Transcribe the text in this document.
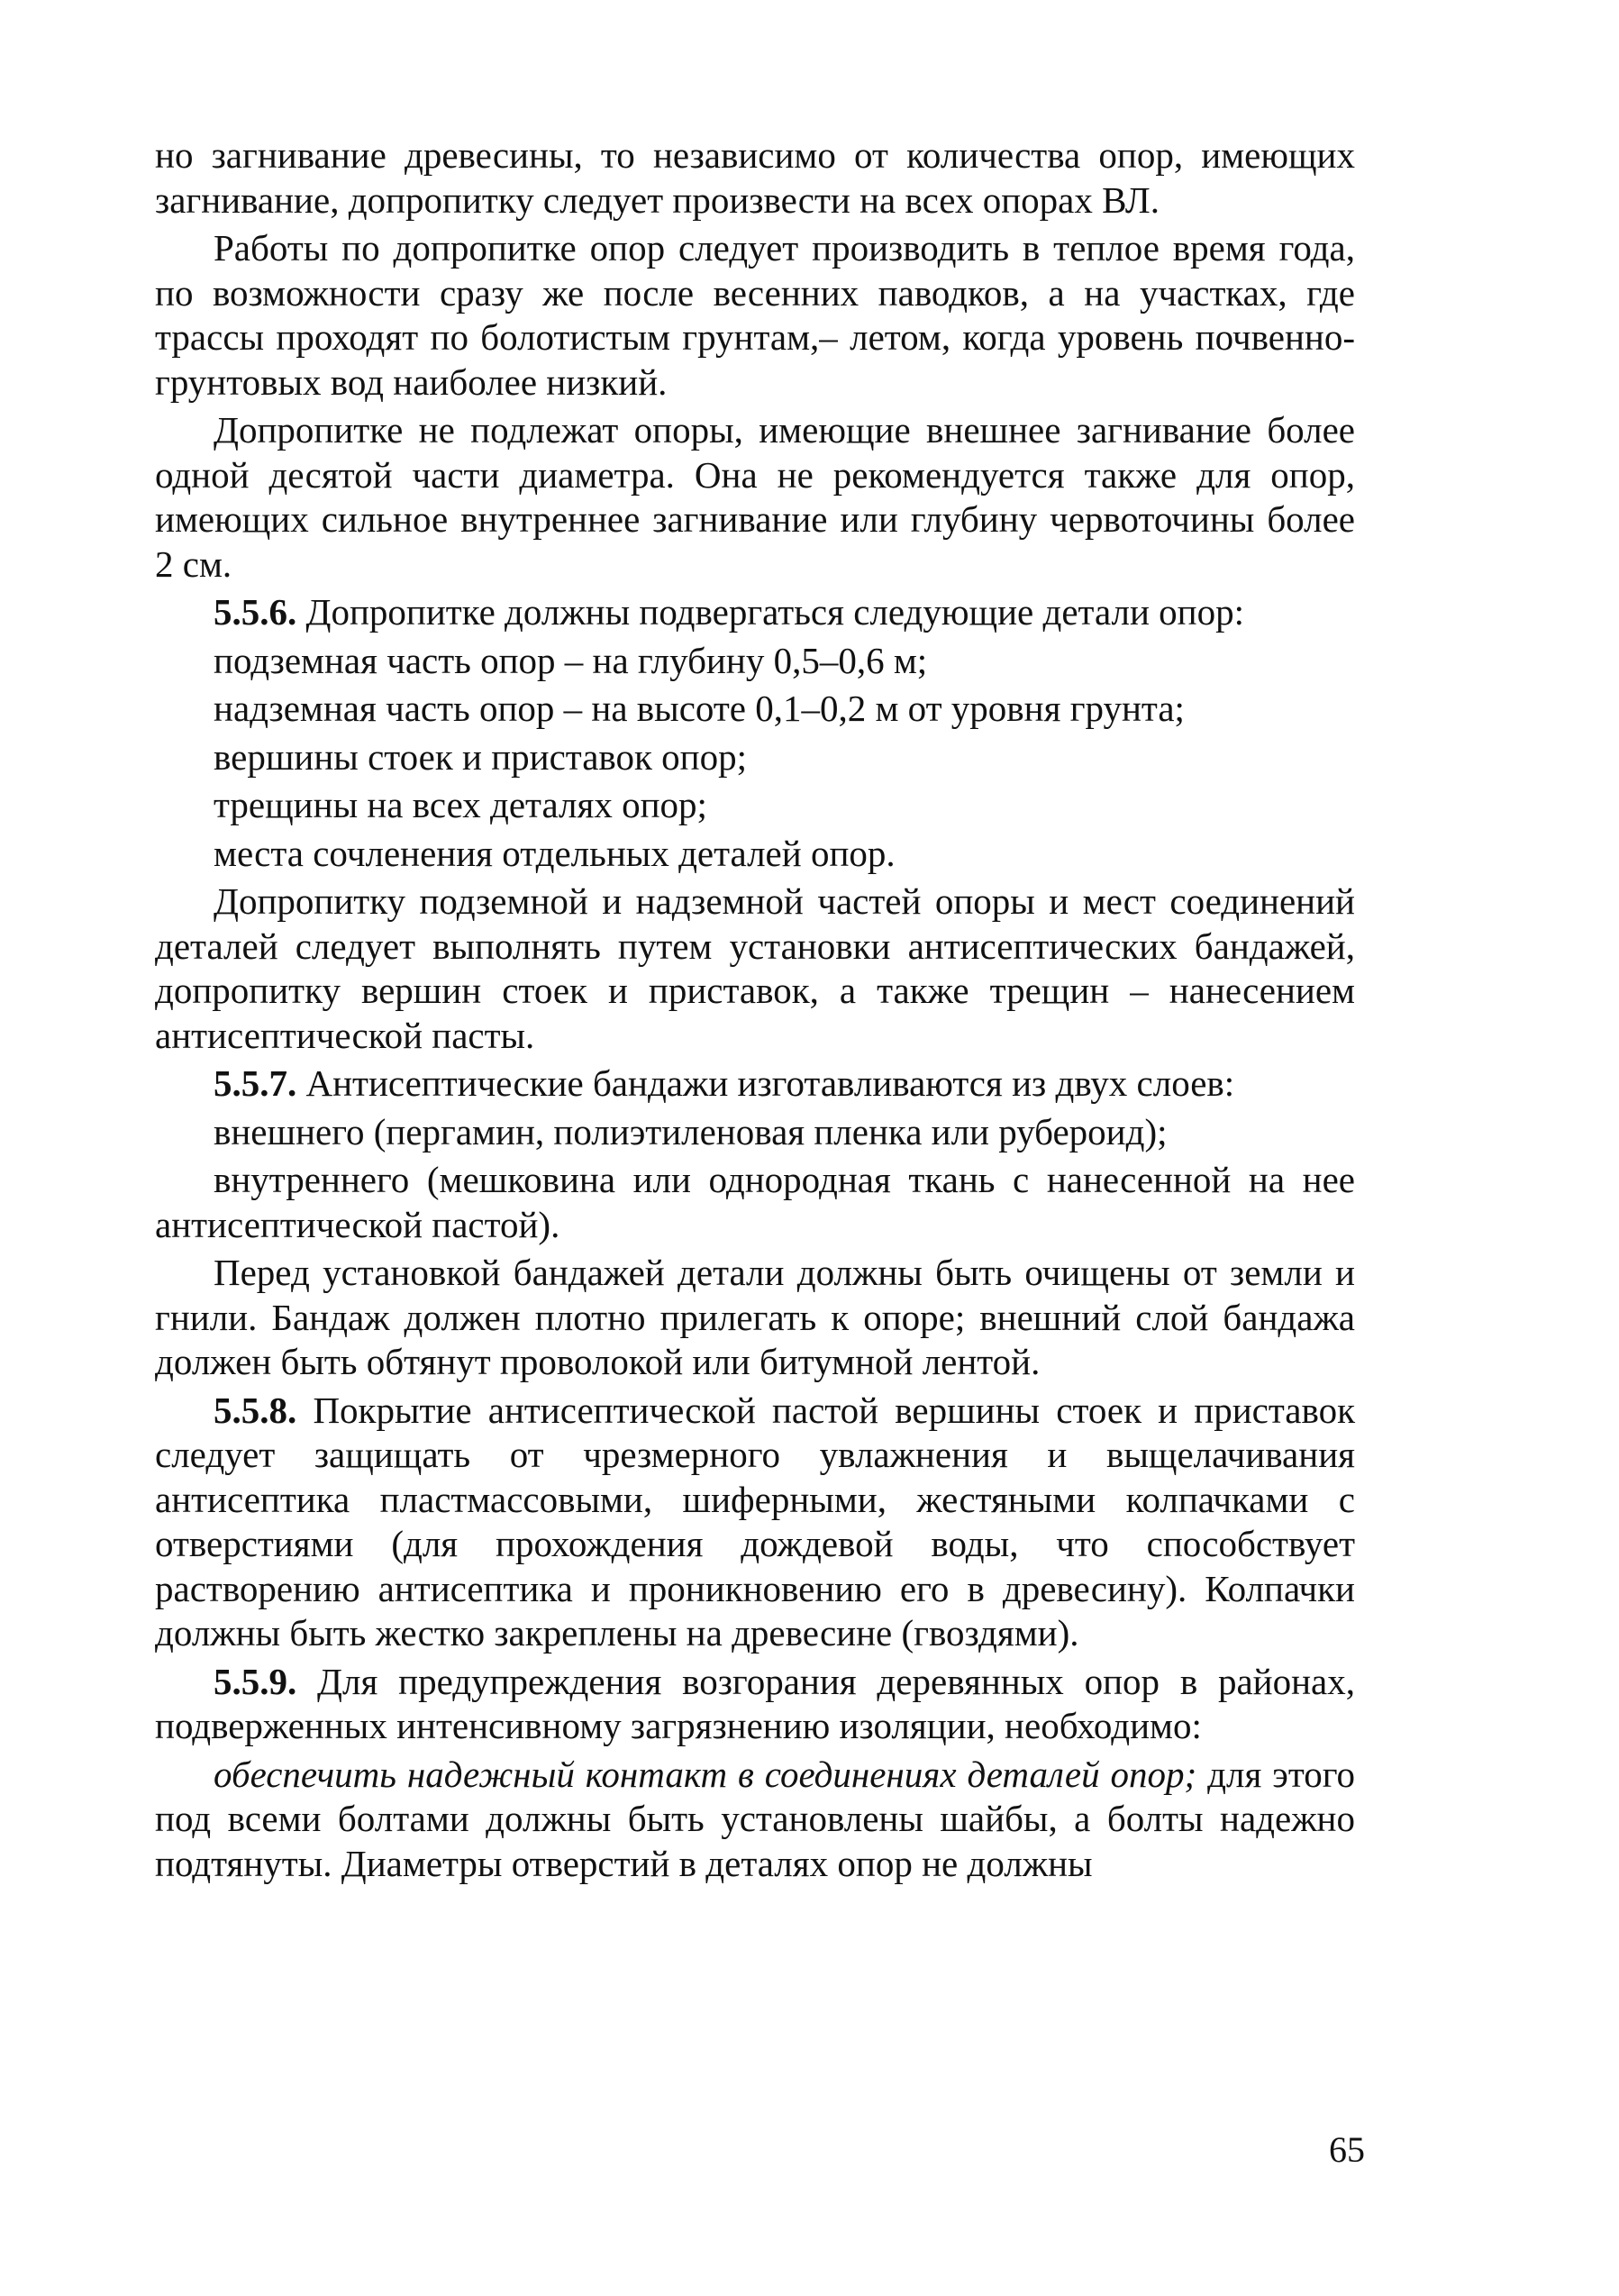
но загнивание древесины, то независимо от количества опор, имеющих загнивание, допропитку следует произвести на всех опорах ВЛ.

Работы по допропитке опор следует производить в теплое время года, по возможности сразу же после весенних паводков, а на участках, где трассы проходят по болотистым грунтам,– летом, когда уровень почвенно-грунтовых вод наиболее низкий.

Допропитке не подлежат опоры, имеющие внешнее загнивание более одной десятой части диаметра. Она не рекомендуется также для опор, имеющих сильное внутреннее загнивание или глубину червоточины более 2 см.

5.5.6. Допропитке должны подвергаться следующие детали опор:

подземная часть опор – на глубину 0,5–0,6 м;

надземная часть опор – на высоте 0,1–0,2 м от уровня грунта;

вершины стоек и приставок опор;

трещины на всех деталях опор;

места сочленения отдельных деталей опор.

Допропитку подземной и надземной частей опоры и мест соединений деталей следует выполнять путем установки антисептических бандажей, допропитку вершин стоек и приставок, а также трещин – нанесением антисептической пасты.

5.5.7. Антисептические бандажи изготавливаются из двух слоев:

внешнего (пергамин, полиэтиленовая пленка или рубероид);

внутреннего (мешковина или однородная ткань с нанесенной на нее антисептической пастой).

Перед установкой бандажей детали должны быть очищены от земли и гнили. Бандаж должен плотно прилегать к опоре; внешний слой бандажа должен быть обтянут проволокой или битумной лентой.

5.5.8. Покрытие антисептической пастой вершины стоек и приставок следует защищать от чрезмерного увлажнения и выщелачивания антисептика пластмассовыми, шиферными, жестяными колпачками с отверстиями (для прохождения дождевой воды, что способствует растворению антисептика и проникновению его в древесину). Колпачки должны быть жестко закреплены на древесине (гвоздями).

5.5.9. Для предупреждения возгорания деревянных опор в районах, подверженных интенсивному загрязнению изоляции, необходимо:

обеспечить надежный контакт в соединениях деталей опор; для этого под всеми болтами должны быть установлены шайбы, а болты надежно подтянуты. Диаметры отверстий в деталях опор не должны

65
